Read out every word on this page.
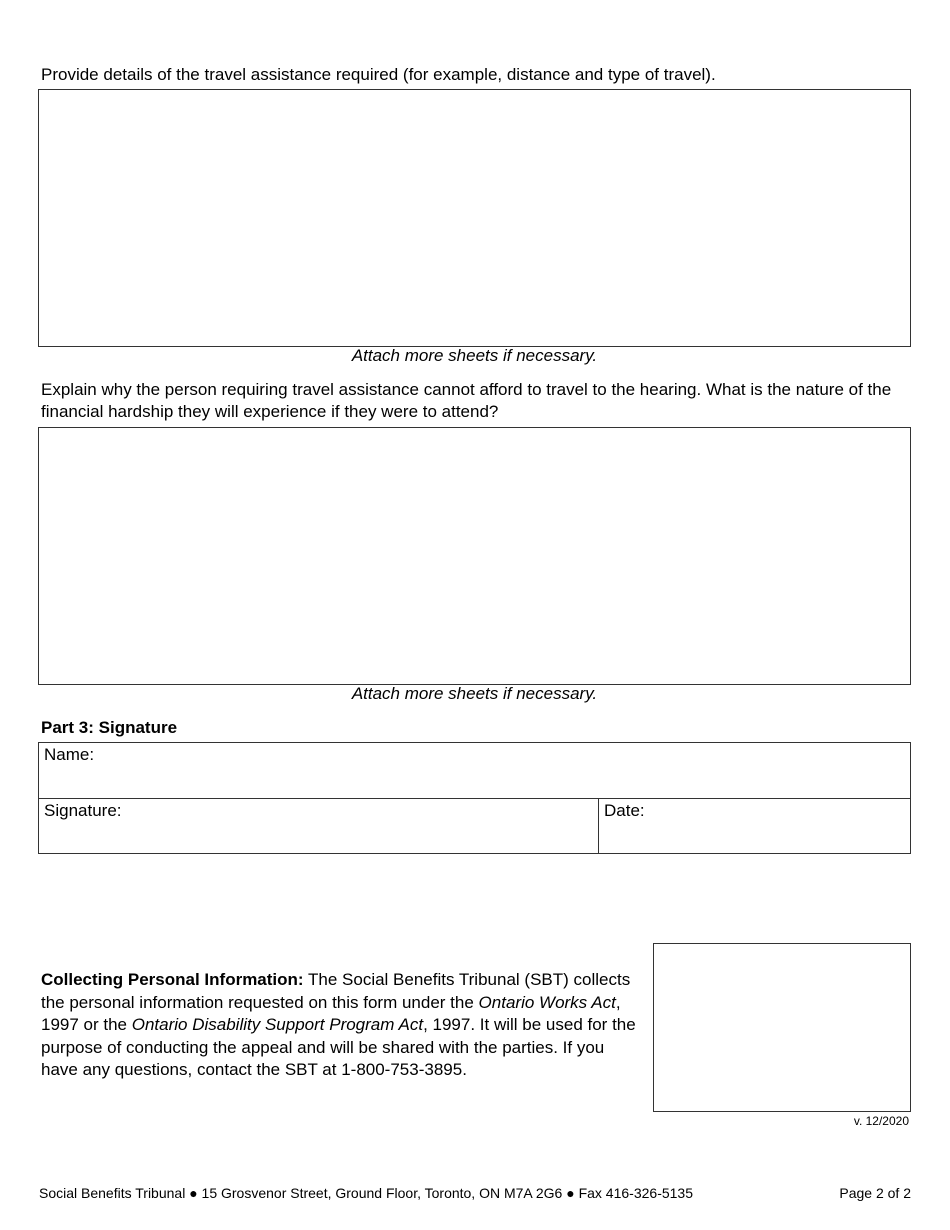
Provide details of the travel assistance required (for example, distance and type of travel).
Attach more sheets if necessary.
Explain why the person requiring travel assistance cannot afford to travel to the hearing. What is the nature of the financial hardship they will experience if they were to attend?
Attach more sheets if necessary.
Part 3: Signature
Name:
Signature:	Date:
Collecting Personal Information: The Social Benefits Tribunal (SBT) collects the personal information requested on this form under the Ontario Works Act, 1997 or the Ontario Disability Support Program Act, 1997. It will be used for the purpose of conducting the appeal and will be shared with the parties. If you have any questions, contact the SBT at 1-800-753-3895.
v. 12/2020
Social Benefits Tribunal ● 15 Grosvenor Street, Ground Floor, Toronto, ON M7A 2G6 ● Fax 416-326-5135	Page 2 of 2
